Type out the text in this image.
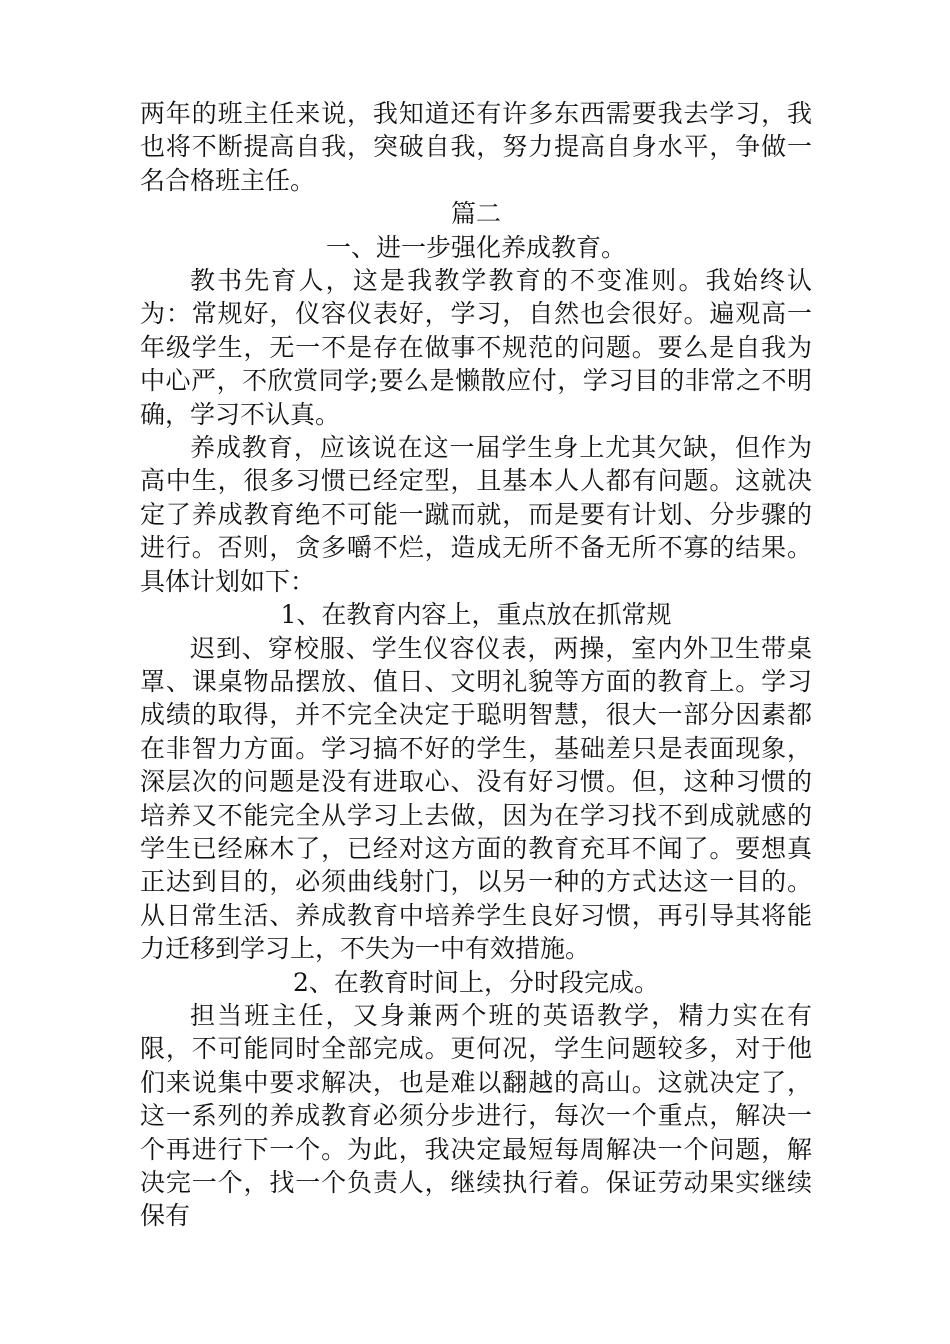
两年的班主任来说，我知道还有许多东西需要我去学习，我也将不断提高自我，突破自我，努力提高自身水平，争做一名合格班主任。

篇二

一、进一步强化养成教育。

教书先育人，这是我教学教育的不变准则。我始终认为：常规好，仪容仪表好，学习，自然也会很好。遍观高一年级学生，无一不是存在做事不规范的问题。要么是自我为中心严，不欣赏同学;要么是懒散应付，学习目的非常之不明确，学习不认真。

养成教育，应该说在这一届学生身上尤其欠缺，但作为高中生，很多习惯已经定型，且基本人人都有问题。这就决定了养成教育绝不可能一蹴而就，而是要有计划、分步骤的进行。否则，贪多嚼不烂，造成无所不备无所不寡的结果。具体计划如下：

1、在教育内容上，重点放在抓常规

迟到、穿校服、学生仪容仪表，两操，室内外卫生带桌罩、课桌物品摆放、值日、文明礼貌等方面的教育上。学习成绩的取得，并不完全决定于聪明智慧，很大一部分因素都在非智力方面。学习搞不好的学生，基础差只是表面现象，深层次的问题是没有进取心、没有好习惯。但，这种习惯的培养又不能完全从学习上去做，因为在学习找不到成就感的学生已经麻木了，已经对这方面的教育充耳不闻了。要想真正达到目的，必须曲线射门，以另一种的方式达这一目的。从日常生活、养成教育中培养学生良好习惯，再引导其将能力迁移到学习上，不失为一中有效措施。

2、在教育时间上，分时段完成。

担当班主任，又身兼两个班的英语教学，精力实在有限，不可能同时全部完成。更何况，学生问题较多，对于他们来说集中要求解决，也是难以翻越的高山。这就决定了，这一系列的养成教育必须分步进行，每次一个重点，解决一个再进行下一个。为此，我决定最短每周解决一个问题，解决完一个，找一个负责人，继续执行着。保证劳动果实继续保有
